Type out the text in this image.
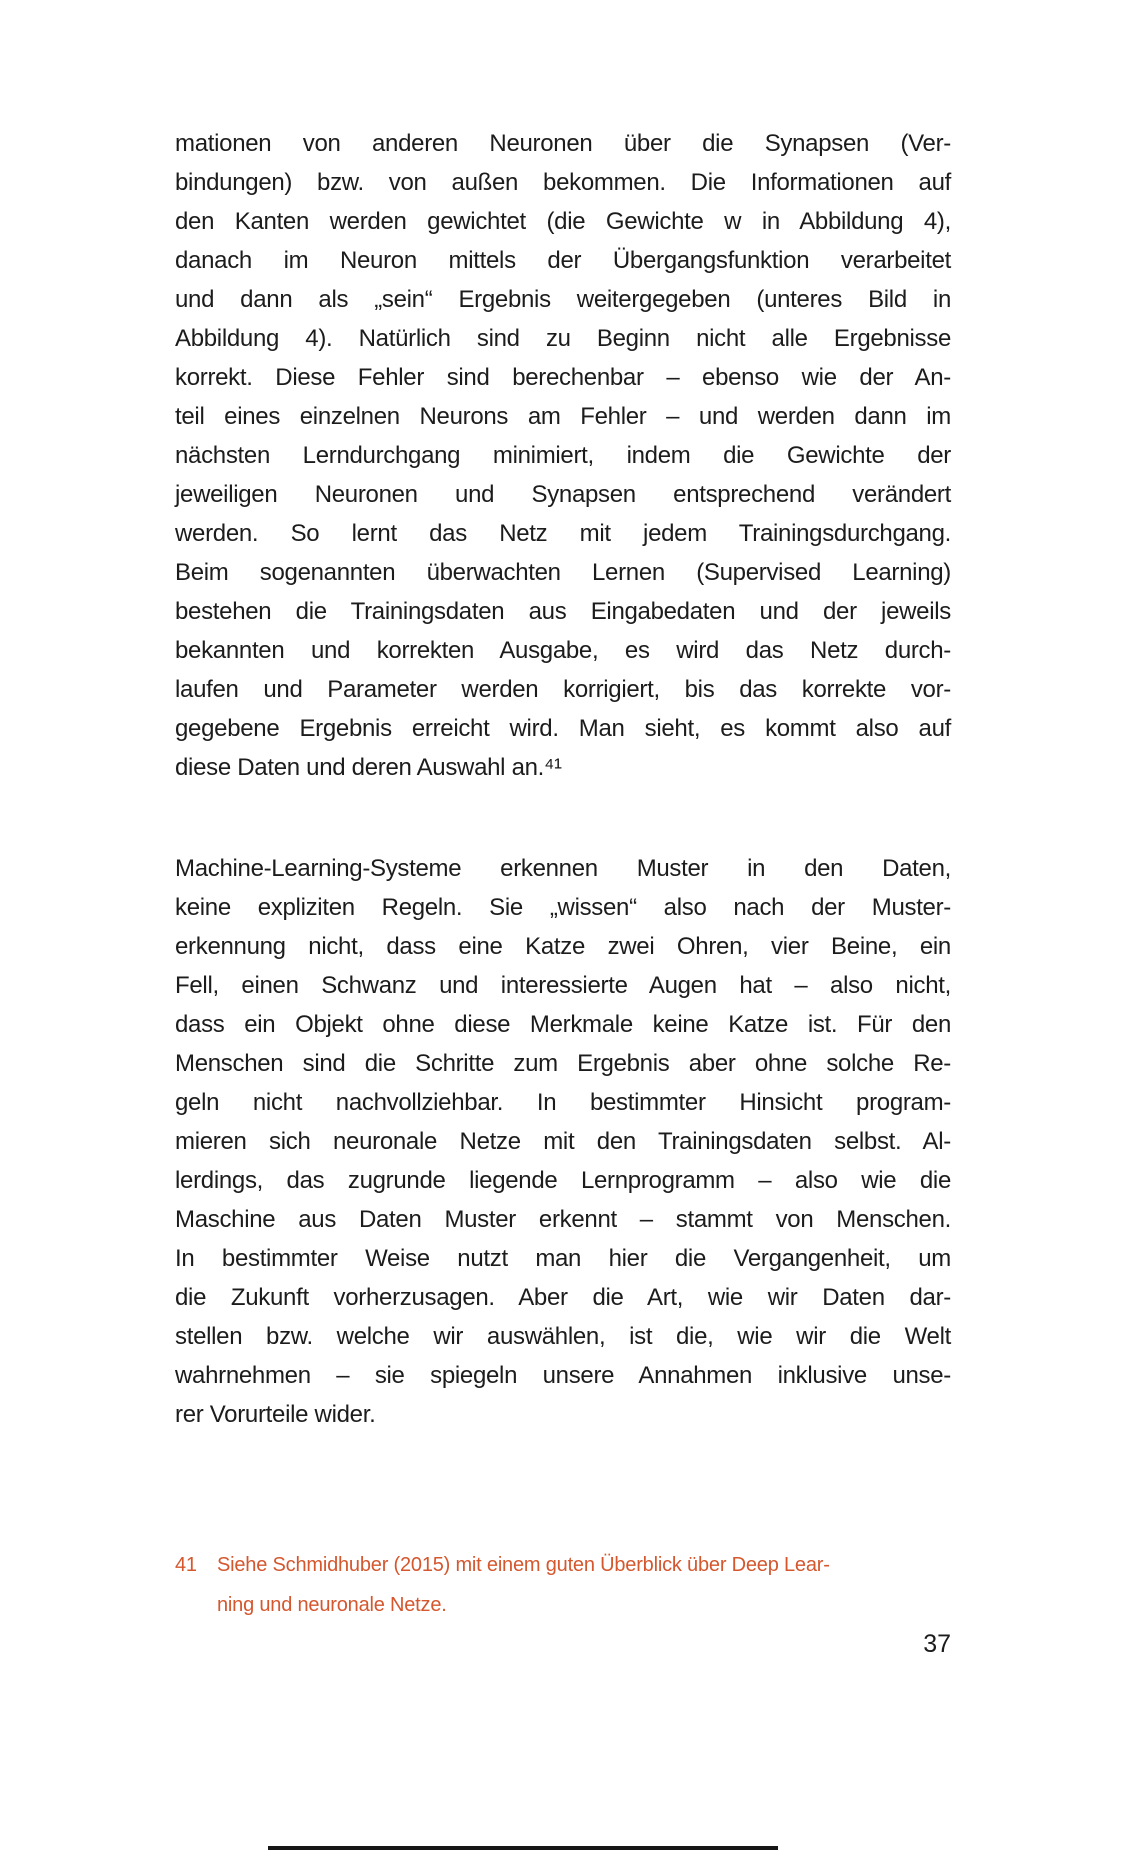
mationen von anderen Neuronen über die Synapsen (Ver-
bindungen) bzw. von außen bekommen. Die Informationen auf
den Kanten werden gewichtet (die Gewichte w in Abbildung 4),
danach im Neuron mittels der Übergangsfunktion verarbeitet
und dann als „sein“ Ergebnis weitergegeben (unteres Bild in
Abbildung 4). Natürlich sind zu Beginn nicht alle Ergebnisse
korrekt. Diese Fehler sind berechenbar – ebenso wie der An-
teil eines einzelnen Neurons am Fehler – und werden dann im
nächsten Lerndurchgang minimiert, indem die Gewichte der
jeweiligen Neuronen und Synapsen entsprechend verändert
werden. So lernt das Netz mit jedem Trainingsdurchgang.
Beim sogenannten überwachten Lernen (Supervised Learning)
bestehen die Trainingsdaten aus Eingabedaten und der jeweils
bekannten und korrekten Ausgabe, es wird das Netz durch-
laufen und Parameter werden korrigiert, bis das korrekte vor-
gegebene Ergebnis erreicht wird. Man sieht, es kommt also auf
diese Daten und deren Auswahl an.⁴¹
Machine-Learning-Systeme erkennen Muster in den Daten,
keine expliziten Regeln. Sie „wissen“ also nach der Muster-
erkennung nicht, dass eine Katze zwei Ohren, vier Beine, ein
Fell, einen Schwanz und interessierte Augen hat – also nicht,
dass ein Objekt ohne diese Merkmale keine Katze ist. Für den
Menschen sind die Schritte zum Ergebnis aber ohne solche Re-
geln nicht nachvollziehbar. In bestimmter Hinsicht program-
mieren sich neuronale Netze mit den Trainingsdaten selbst. Al-
lerdings, das zugrunde liegende Lernprogramm – also wie die
Maschine aus Daten Muster erkennt – stammt von Menschen.
In bestimmter Weise nutzt man hier die Vergangenheit, um
die Zukunft vorherzusagen. Aber die Art, wie wir Daten dar-
stellen bzw. welche wir auswählen, ist die, wie wir die Welt
wahrnehmen – sie spiegeln unsere Annahmen inklusive unse-
rer Vorurteile wider.
41	Siehe Schmidhuber (2015) mit einem guten Überblick über Deep Lear-
ning und neuronale Netze.
37
